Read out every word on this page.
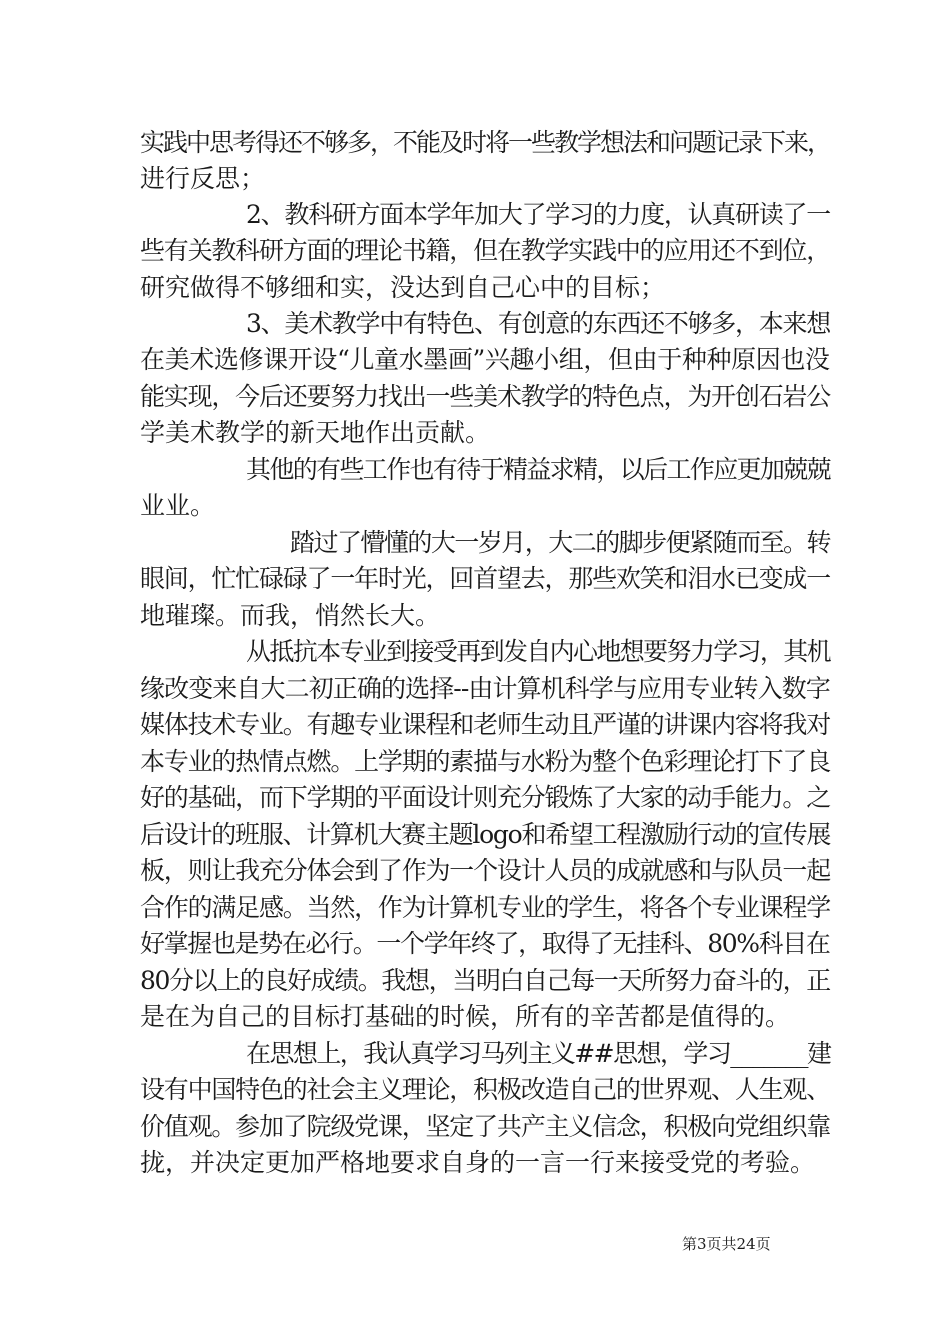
实践中思考得还不够多，不能及时将一些教学想法和问题记录下来，

进行反思；

2、教科研方面本学年加大了学习的力度，认真研读了一

些有关教科研方面的理论书籍，但在教学实践中的应用还不到位，

研究做得不够细和实，没达到自己心中的目标；

3、美术教学中有特色、有创意的东西还不够多，本来想

在美术选修课开设“儿童水墨画”兴趣小组，但由于种种原因也没

能实现，今后还要努力找出一些美术教学的特色点，为开创石岩公

学美术教学的新天地作出贡献。

其他的有些工作也有待于精益求精，以后工作应更加兢兢

业业。

踏过了懵懂的大一岁月，大二的脚步便紧随而至。转

眼间，忙忙碌碌了一年时光，回首望去，那些欢笑和泪水已变成一

地璀璨。而我，悄然长大。

从抵抗本专业到接受再到发自内心地想要努力学习，其机

缘改变来自大二初正确的选择--由计算机科学与应用专业转入数字

媒体技术专业。有趣专业课程和老师生动且严谨的讲课内容将我对

本专业的热情点燃。上学期的素描与水粉为整个色彩理论打下了良

好的基础，而下学期的平面设计则充分锻炼了大家的动手能力。之

后设计的班服、计算机大赛主题logo和希望工程激励行动的宣传展

板，则让我充分体会到了作为一个设计人员的成就感和与队员一起

合作的满足感。当然，作为计算机专业的学生，将各个专业课程学

好掌握也是势在必行。一个学年终了，取得了无挂科、80%科目在

80分以上的良好成绩。我想，当明白自己每一天所努力奋斗的，正

是在为自己的目标打基础的时候，所有的辛苦都是值得的。

在思想上，我认真学习马列主义##思想，学习_______建

设有中国特色的社会主义理论，积极改造自己的世界观、人生观、

价值观。参加了院级党课，坚定了共产主义信念，积极向党组织靠

拢，并决定更加严格地要求自身的一言一行来接受党的考验。

第3页共24页
